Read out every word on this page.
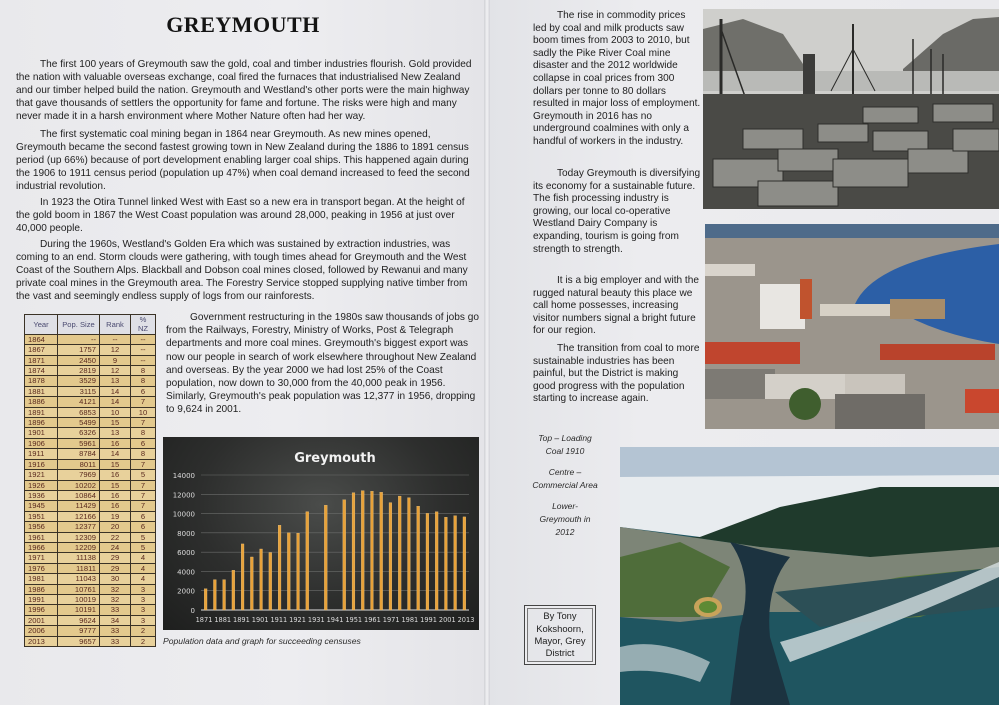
GREYMOUTH

The first 100 years of Greymouth saw the gold, coal and timber industries flourish. Gold provided the nation with valuable overseas exchange, coal fired the furnaces that industrialised New Zealand and our timber helped build the nation. Greymouth and Westland's other ports were the main highway that gave thousands of settlers the opportunity for fame and fortune. The risks were high and many never made it in a harsh environment where Mother Nature often had her way.

The first systematic coal mining began in 1864 near Greymouth. As new mines opened, Greymouth became the second fastest growing town in New Zealand during the 1886 to 1891 census period (up 66%) because of port development enabling larger coal ships. This happened again during the 1906 to 1911 census period (population up 47%) when coal demand increased to feed the second industrial revolution.

In 1923 the Otira Tunnel linked West with East so a new era in transport began. At the height of the gold boom in 1867 the West Coast population was around 28,000, peaking in 1956 at just over 40,000 people.

During the 1960s, Westland's Golden Era which was sustained by extraction industries, was coming to an end. Storm clouds were gathering, with tough times ahead for Greymouth and the West Coast of the Southern Alps. Blackball and Dobson coal mines closed, followed by Rewanui and many private coal mines in the Greymouth area. The Forestry Service stopped supplying native timber from the vast and seemingly endless supply of logs from our rainforests.

Government restructuring in the 1980s saw thousands of jobs go from the Railways, Forestry, Ministry of Works, Post & Telegraph departments and more coal mines. Greymouth's biggest export was now our people in search of work elsewhere throughout New Zealand and overseas. By the year 2000 we had lost 25% of the Coast population, now down to 30,000 from the 40,000 peak in 1956. Similarly, Greymouth's peak population was 12,377 in 1956, dropping to 9,624 in 2001.

Year	Pop. Size	Rank	% NZ
1864	--	--	--
1867	1757	12	--
1871	2450	9	--
1874	2819	12	8
1878	3529	13	8
1881	3115	14	6
1886	4121	14	7
1891	6853	10	10
1896	5499	15	7
1901	6326	13	8
1906	5961	16	6
1911	8784	14	8
1916	8011	15	7
1921	7969	16	5
1926	10202	15	7
1936	10864	16	7
1945	11429	16	7
1951	12166	19	6
1956	12377	20	6
1961	12309	22	5
1966	12209	24	5
1971	11138	29	4
1976	11811	29	4
1981	11043	30	4
1986	10761	32	3
1991	10019	32	3
1996	10191	33	3
2001	9624	34	3
2006	9777	33	2
2013	9657	33	2
Greymouth
0
2000
4000
6000
8000
10000
12000
14000
1871 1881 1891 1901 1911 1921 1931 1941 1951 1961 1971 1981 1991 2001 2013
Population data and graph for succeeding censuses

The rise in commodity prices led by coal and milk products saw boom times from 2003 to 2010, but sadly the Pike River Coal mine disaster and the 2012 worldwide collapse in coal prices from 300 dollars per tonne to 80 dollars resulted in major loss of employment. Greymouth in 2016 has no underground coalmines with only a handful of workers in the industry.

Today Greymouth is diversifying its economy for a sustainable future. The fish processing industry is growing, our local co-operative Westland Dairy Company is expanding, tourism is going from strength to strength.

It is a big employer and with the rugged natural beauty this place we call home possesses, increasing visitor numbers signal a bright future for our region.

The transition from coal to more sustainable industries has been painful, but the District is making good progress with the population starting to increase again.

Top – Loading Coal 1910
Centre – Commercial Area
Lower- Greymouth in 2012
By Tony Kokshoorn, Mayor, Grey District
